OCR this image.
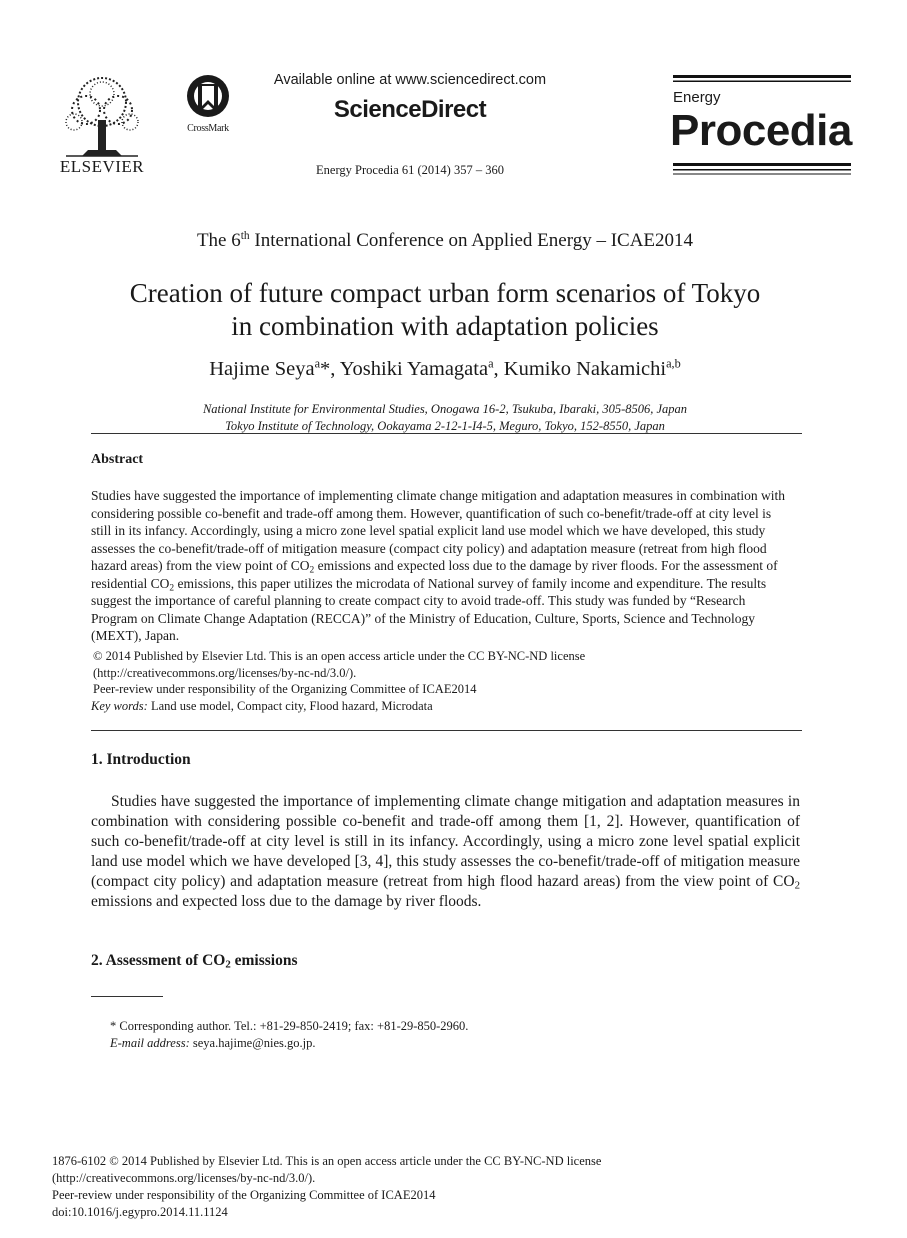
ELSEVIER
CrossMark
Available online at www.sciencedirect.com
ScienceDirect
Energy Procedia 61 (2014) 357 – 360
Energy
Procedia
The 6th International Conference on Applied Energy – ICAE2014
Creation of future compact urban form scenarios of Tokyo
in combination with adaptation policies
Hajime Seya$^a$*, Yoshiki Yamagata$^a$, Kumiko Nakamichi$^{a,b}$
National Institute for Environmental Studies, Onogawa 16-2, Tsukuba, Ibaraki, 305-8506, Japan
Tokyo Institute of Technology, Ookayama 2-12-1-I4-5, Meguro, Tokyo, 152-8550, Japan
Abstract
Studies have suggested the importance of implementing climate change mitigation and adaptation measures in combination with considering possible co-benefit and trade-off among them. However, quantification of such co-benefit/trade-off at city level is still in its infancy. Accordingly, using a micro zone level spatial explicit land use model which we have developed, this study assesses the co-benefit/trade-off of mitigation measure (compact city policy) and adaptation measure (retreat from high flood hazard areas) from the view point of $CO_2$ emissions and expected loss due to the damage by river floods. For the assessment of residential $CO_2$ emissions, this paper utilizes the microdata of National survey of family income and expenditure. The results suggest the importance of careful planning to create compact city to avoid trade-off. This study was funded by “Research Program on Climate Change Adaptation (RECCA)” of the Ministry of Education, Culture, Sports, Science and Technology (MEXT), Japan.
© 2014 Published by Elsevier Ltd. This is an open access article under the CC BY-NC-ND license
(http://creativecommons.org/licenses/by-nc-nd/3.0/).
Peer-review under responsibility of the Organizing Committee of ICAE2014
Key words: Land use model, Compact city, Flood hazard, Microdata
1. Introduction
Studies have suggested the importance of implementing climate change mitigation and adaptation measures in combination with considering possible co-benefit and trade-off among them [1, 2]. However, quantification of such co-benefit/trade-off at city level is still in its infancy. Accordingly, using a micro zone level spatial explicit land use model which we have developed [3, 4], this study assesses the co-benefit/trade-off of mitigation measure (compact city policy) and adaptation measure (retreat from high flood hazard areas) from the view point of $CO_2$ emissions and expected loss due to the damage by river floods.
2. Assessment of $CO_2$ emissions
* Corresponding author. Tel.: +81-29-850-2419; fax: +81-29-850-2960.
E-mail address: seya.hajime@nies.go.jp.
1876-6102 © 2014 Published by Elsevier Ltd. This is an open access article under the CC BY-NC-ND license
(http://creativecommons.org/licenses/by-nc-nd/3.0/).
Peer-review under responsibility of the Organizing Committee of ICAE2014
doi:10.1016/j.egypro.2014.11.1124
